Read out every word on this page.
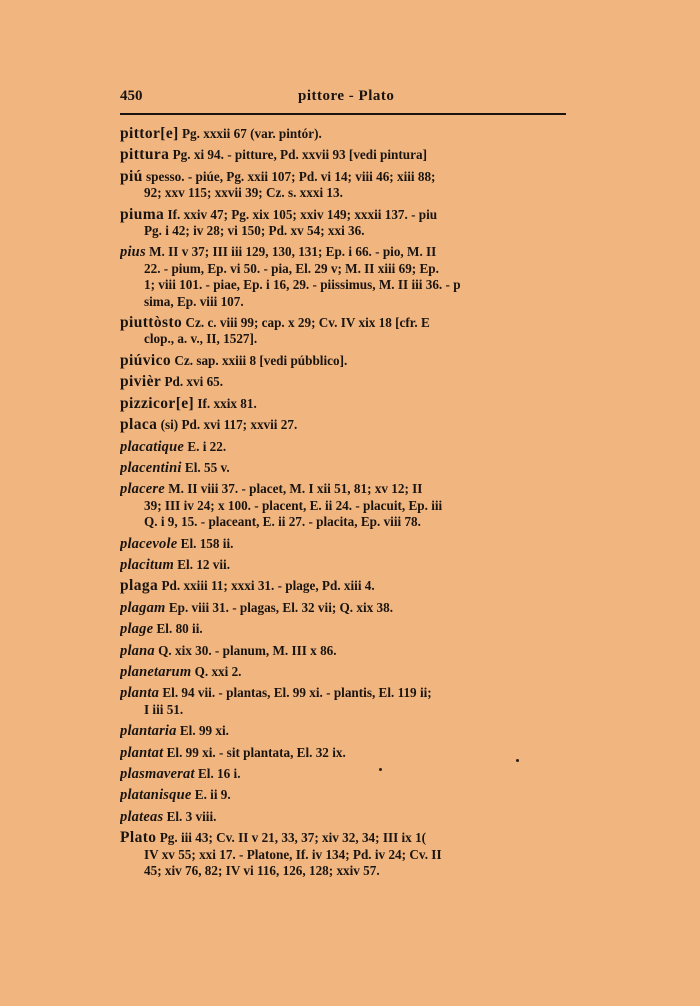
450	pittore - Plato
pittor[e] Pg. xxxii 67 (var. pintór).
pittura Pg. xi 94. - pitture, Pd. xxvii 93 [vedi pintura]
piú spesso. - piúe, Pg. xxii 107; Pd. vi 14; viii 46; xiii 88;
92; xxv 115; xxvii 39; Cz. s. xxxi 13.
piuma If. xxiv 47; Pg. xix 105; xxiv 149; xxxii 137. - piu
Pg. i 42; iv 28; vi 150; Pd. xv 54; xxi 36.
pius M. II v 37; III iii 129, 130, 131; Ep. i 66. - pio, M. II
22. - pium, Ep. vi 50. - pia, El. 29 v; M. II xiii 69; Ep.
1; viii 101. - piae, Ep. i 16, 29. - piissimus, M. II iii 36. - p
sima, Ep. viii 107.
piuttòsto Cz. c. viii 99; cap. x 29; Cv. IV xix 18 [cfr. E
clop., a. v., II, 1527].
piúvico Cz. sap. xxiii 8 [vedi púbblico].
pivièr Pd. xvi 65.
pizzicor[e] If. xxix 81.
placa (si) Pd. xvi 117; xxvii 27.
placatique E. i 22.
placentini El. 55 v.
placere M. II viii 37. - placet, M. I xii 51, 81; xv 12; II
39; III iv 24; x 100. - placent, E. ii 24. - placuit, Ep. iii
Q. i 9, 15. - placeant, E. ii 27. - placita, Ep. viii 78.
placevole El. 158 ii.
placitum El. 12 vii.
plaga Pd. xxiii 11; xxxi 31. - plage, Pd. xiii 4.
plagam Ep. viii 31. - plagas, El. 32 vii; Q. xix 38.
plage El. 80 ii.
plana Q. xix 30. - planum, M. III x 86.
planetarum Q. xxi 2.
planta El. 94 vii. - plantas, El. 99 xi. - plantis, El. 119 ii;
I iii 51.
plantaria El. 99 xi.
plantat El. 99 xi. - sit plantata, El. 32 ix.
plasmaverat El. 16 i.
platanisque E. ii 9.
plateas El. 3 viii.
Plato Pg. iii 43; Cv. II v 21, 33, 37; xiv 32, 34; III ix 1(
IV xv 55; xxi 17. - Platone, If. iv 134; Pd. iv 24; Cv. II
45; xiv 76, 82; IV vi 116, 126, 128; xxiv 57.
